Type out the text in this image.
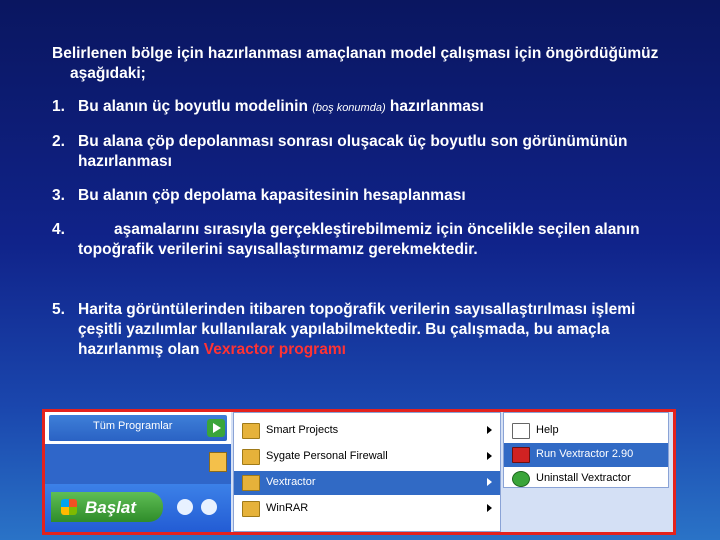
Belirlenen bölge için hazırlanması amaçlanan model çalışması için öngördüğümüz aşağıdaki;

1. Bu alanın üç boyutlu modelinin (boş konumda) hazırlanması
2. Bu alana çöp depolanması sonrası oluşacak üç boyutlu son görünümünün hazırlanması
3. Bu alanın çöp depolama kapasitesinin hesaplanması
4.	aşamalarını sırasıyla gerçekleştirebilmemiz için öncelikle seçilen alanın topoğrafik verilerini sayısallaştırmamız gerekmektedir.
5. Harita görüntülerinden itibaren topoğrafik verilerin sayısallaştırılması işlemi çeşitli yazılımlar kullanılarak yapılabilmektedir. Bu çalışmada, bu amaçla hazırlanmış olan Vexractor programı
Tüm Programlar
Başlat
Smart Projects
Sygate Personal Firewall
Vextractor
WinRAR
Help
Run Vextractor 2.90
Uninstall Vextractor
